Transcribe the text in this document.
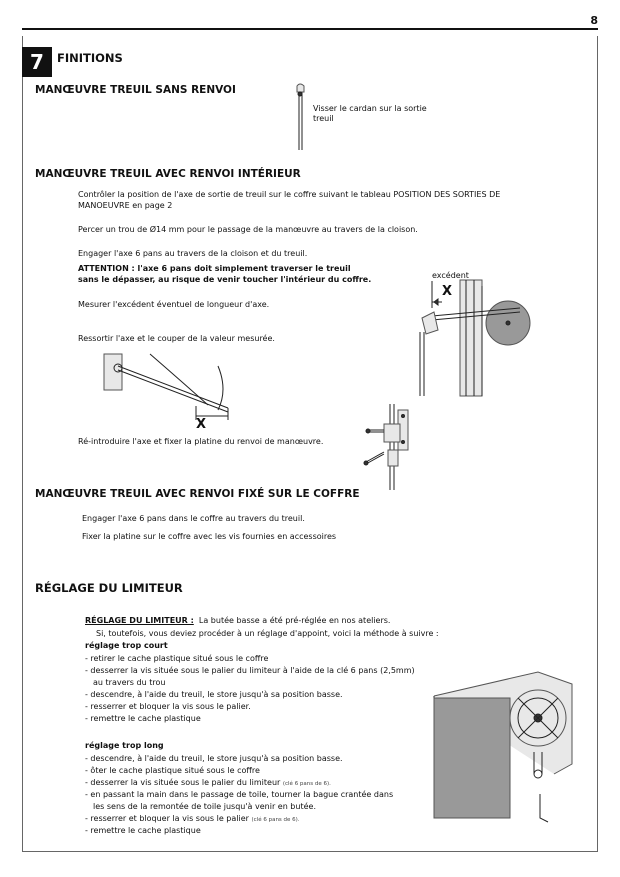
8
7	FINITIONS
MANŒUVRE TREUIL SANS RENVOI
Visser le cardan sur la sortie
treuil
MANŒUVRE TREUIL AVEC RENVOI INTÉRIEUR
Contrôler la position de l'axe de sortie de treuil sur le coffre suivant le tableau POSITION DES SORTIES DE
MANOEUVRE en page 2
Percer un trou de Ø14 mm pour le passage de la manœuvre au travers de la cloison.
Engager l'axe 6 pans au travers de la cloison et du treuil.
ATTENTION : l'axe 6 pans doit simplement traverser le treuil
sans le dépasser, au risque de venir toucher l'intérieur du coffre.
Mesurer l'excédent éventuel de longueur d'axe.
Ressortir l'axe et le couper de la valeur mesurée.
Ré-introduire l'axe et fixer la platine du renvoi de manœuvre.
excédent
X
X
MANŒUVRE TREUIL AVEC RENVOI FIXÉ SUR LE COFFRE
Engager l'axe 6 pans dans le coffre au travers du treuil.
Fixer la platine sur le coffre avec les vis fournies en accessoires
RÉGLAGE DU LIMITEUR
RÉGLAGE DU LIMITEUR : La butée basse a été pré-réglée en nos ateliers.
Si, toutefois, vous deviez procéder à un réglage d'appoint, voici la méthode à suivre :
réglage trop court
- retirer le cache plastique situé sous le coffre
- desserrer la vis située sous le palier du limiteur à l'aide de la clé 6 pans (2,5mm)
au travers du trou
- descendre, à l'aide du treuil, le store jusqu'à sa position basse.
- resserrer et bloquer la vis sous le palier.
- remettre le cache plastique
réglage trop long
- descendre, à l'aide du treuil, le store jusqu'à sa position basse.
- ôter le cache plastique situé sous le coffre
- desserrer la vis située sous le palier du limiteur (clé 6 pans de 6).
- en passant la main dans le passage de toile, tourner la bague crantée dans
les sens de la remontée de toile jusqu'à venir en butée.
- resserrer et bloquer la vis sous le palier (clé 6 pans de 6).
- remettre le cache plastique
